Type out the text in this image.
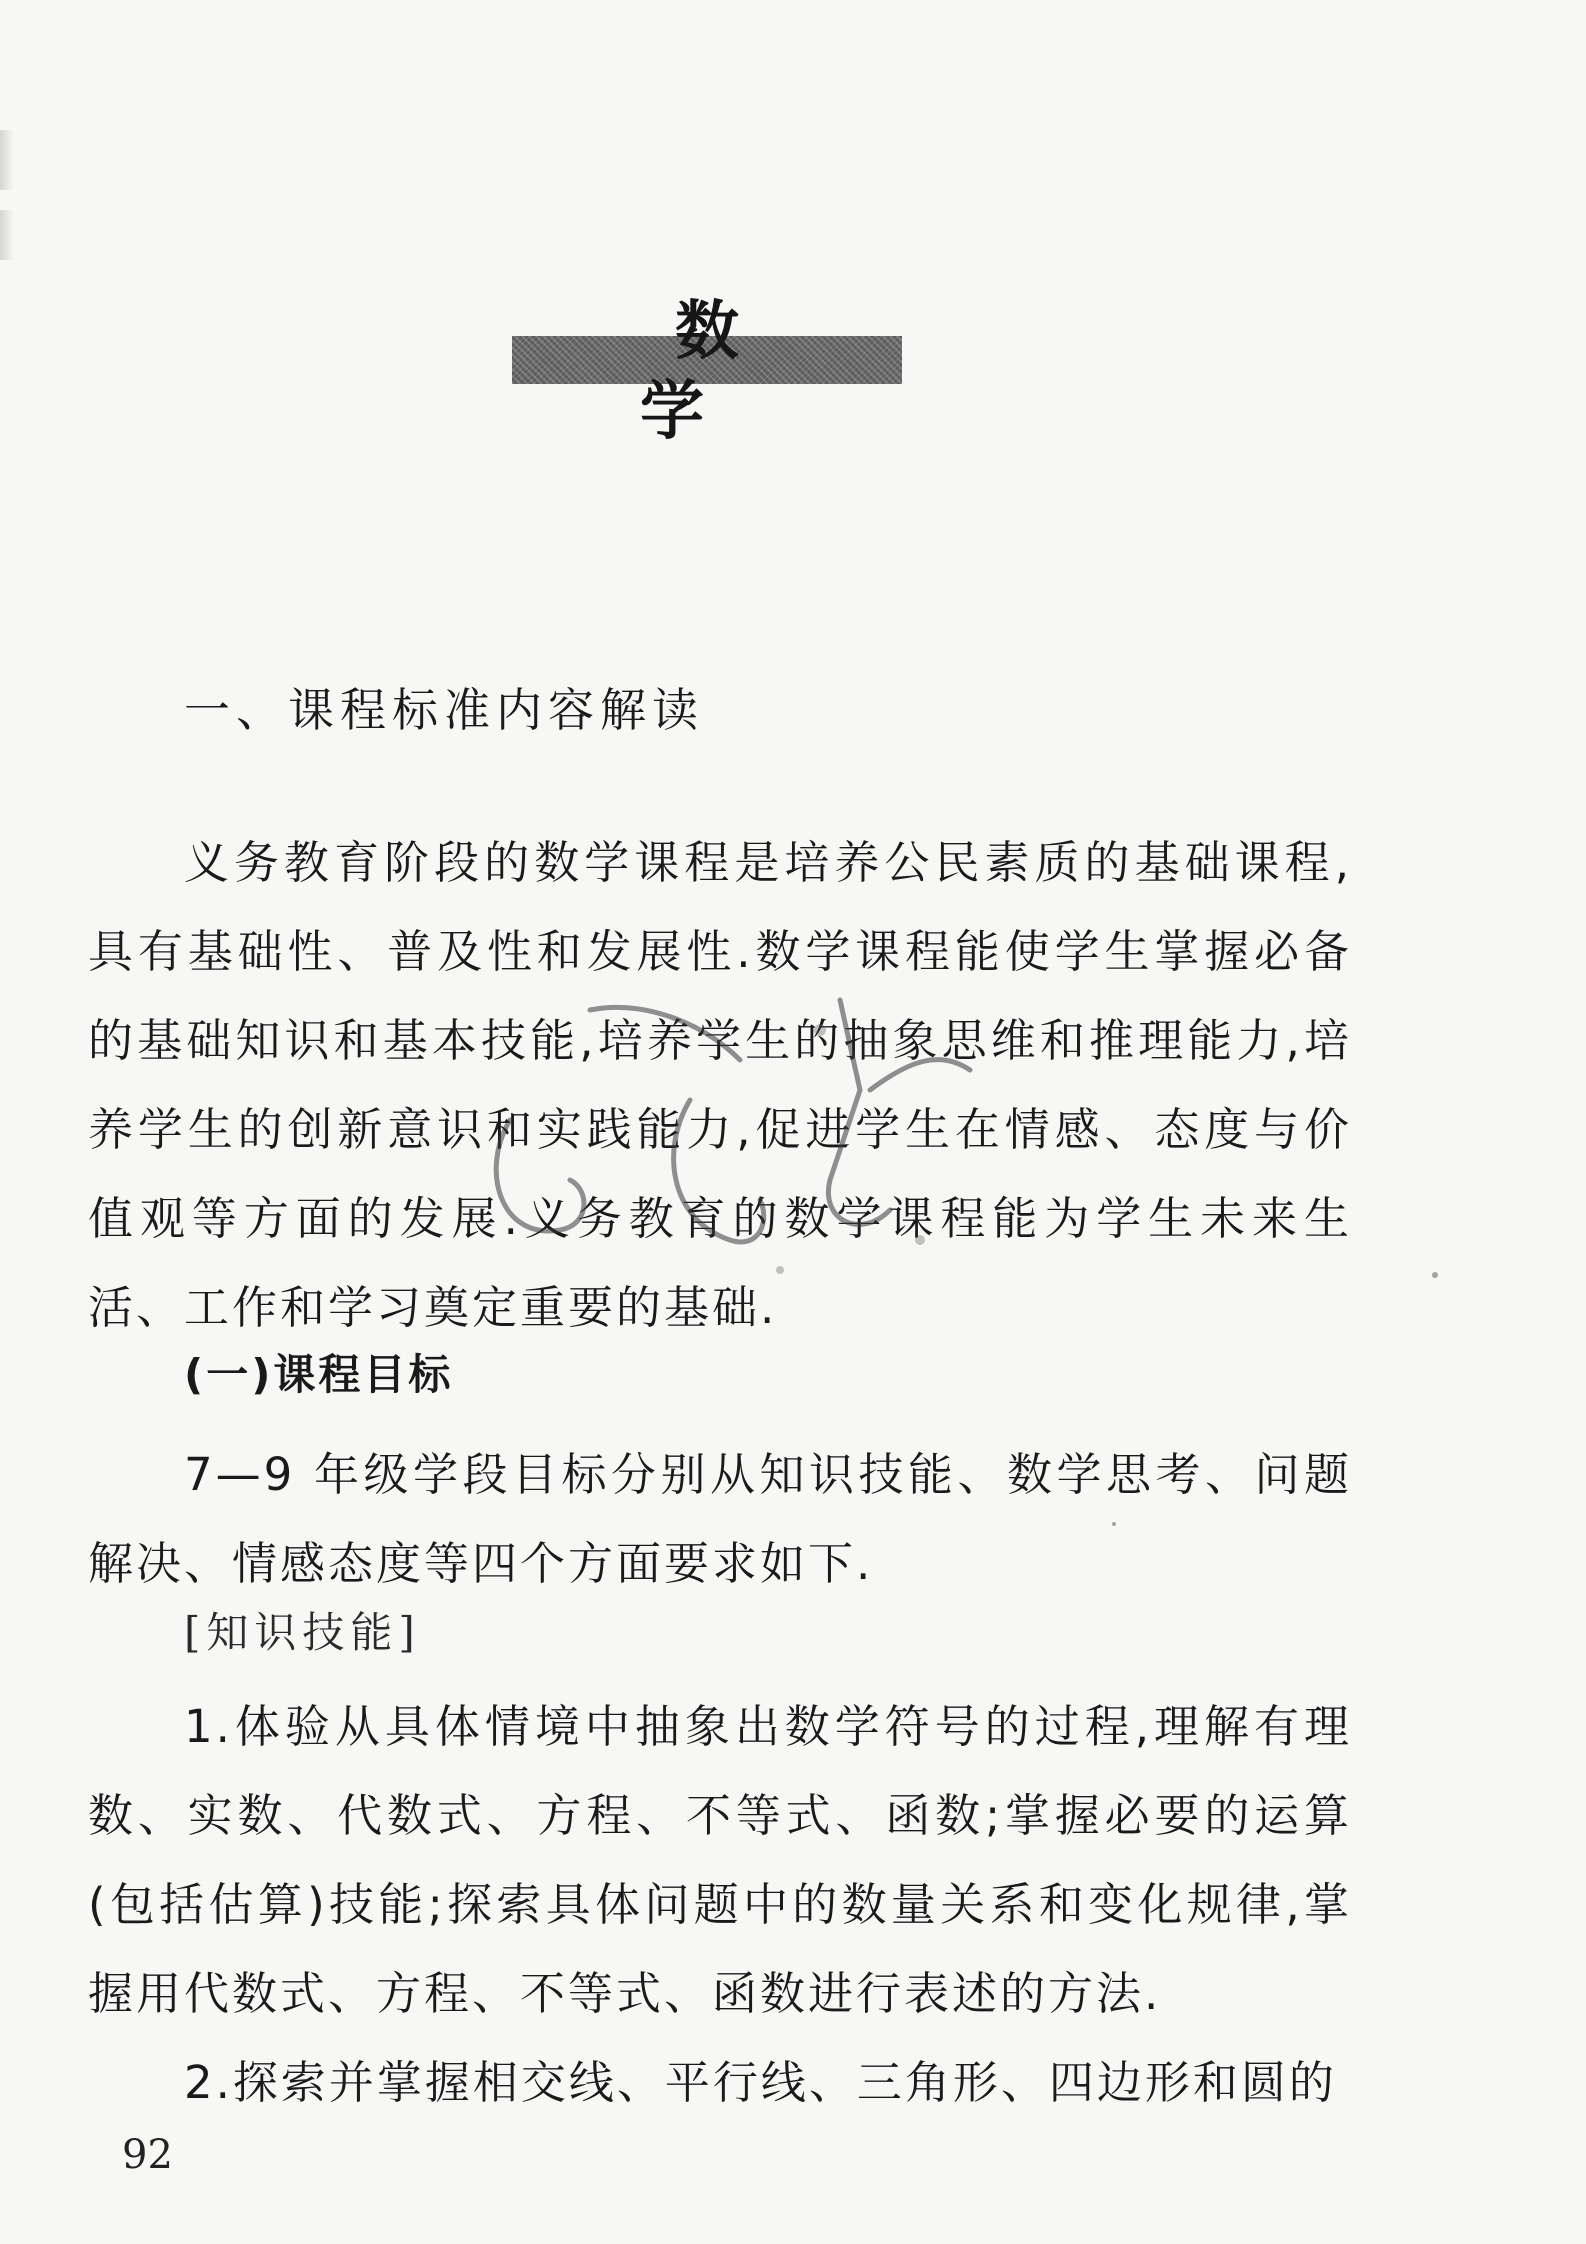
数 学
一、课程标准内容解读

义务教育阶段的数学课程是培养公民素质的基础课程,具有基础性、普及性和发展性.数学课程能使学生掌握必备的基础知识和基本技能,培养学生的抽象思维和推理能力,培养学生的创新意识和实践能力,促进学生在情感、态度与价值观等方面的发展.义务教育的数学课程能为学生未来生活、工作和学习奠定重要的基础.

(一)课程目标

7—9 年级学段目标分别从知识技能、数学思考、问题解决、情感态度等四个方面要求如下.

[知识技能]

1.体验从具体情境中抽象出数学符号的过程,理解有理数、实数、代数式、方程、不等式、函数;掌握必要的运算(包括估算)技能;探索具体问题中的数量关系和变化规律,掌握用代数式、方程、不等式、函数进行表述的方法.

2.探索并掌握相交线、平行线、三角形、四边形和圆的

92
